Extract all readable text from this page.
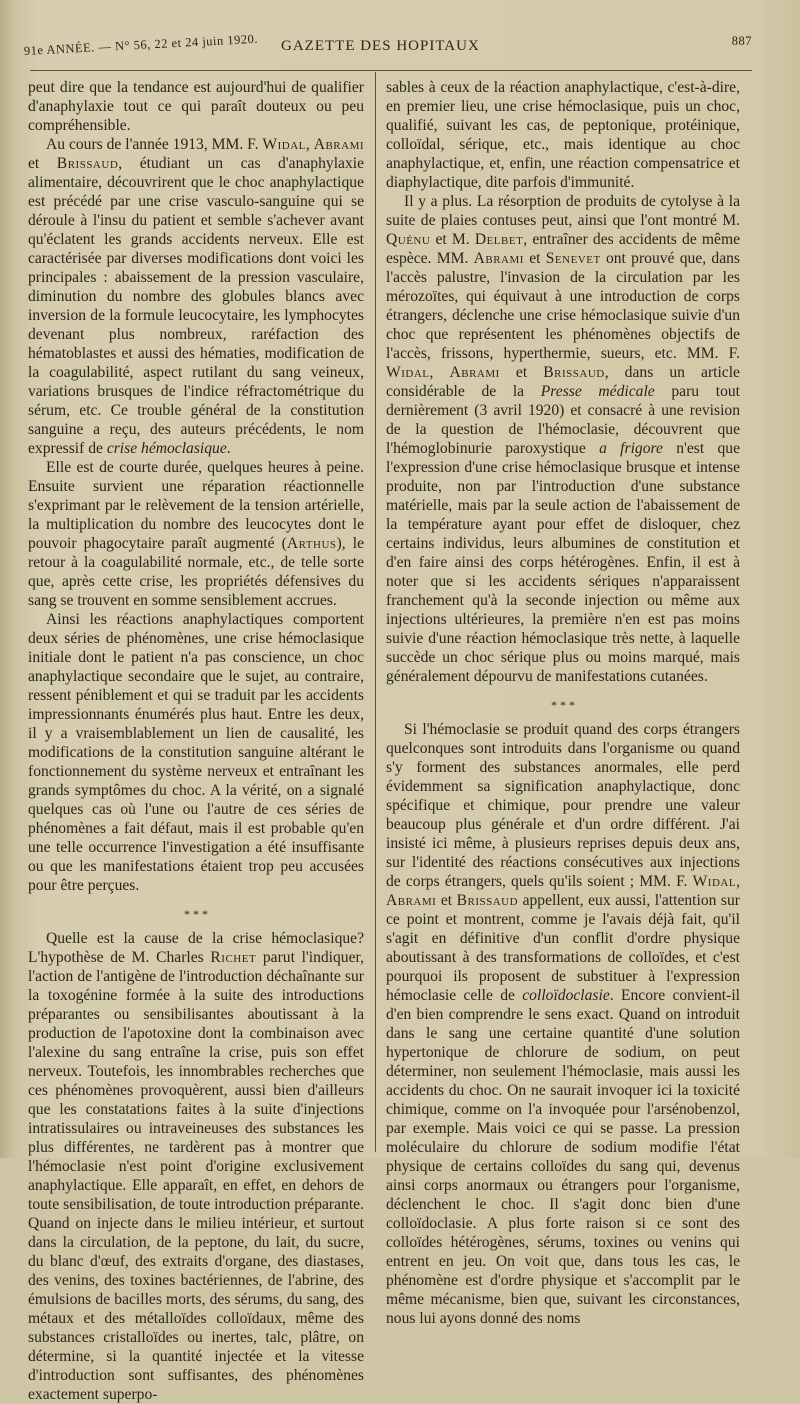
91e ANNÉE. — N° 56, 22 et 24 juin 1920. GAZETTE DES HOPITAUX	887

peut dire que la tendance est aujourd'hui de qualifier d'anaphylaxie tout ce qui paraît douteux ou peu compréhensible.

Au cours de l'année 1913, MM. F. Widal, Abrami et Brissaud, étudiant un cas d'anaphylaxie alimentaire, découvrirent que le choc anaphylactique est précédé par une crise vasculo-sanguine qui se déroule à l'insu du patient et semble s'achever avant qu'éclatent les grands accidents nerveux. Elle est caractérisée par diverses modifications dont voici les principales : abaissement de la pression vasculaire, diminution du nombre des globules blancs avec inversion de la formule leucocytaire, les lymphocytes devenant plus nombreux, raréfaction des hématoblastes et aussi des hématies, modification de la coagulabilité, aspect rutilant du sang veineux, variations brusques de l'indice réfractométrique du sérum, etc. Ce trouble général de la constitution sanguine a reçu, des auteurs précédents, le nom expressif de crise hémoclasique.

Elle est de courte durée, quelques heures à peine. Ensuite survient une réparation réactionnelle s'exprimant par le relèvement de la tension artérielle, la multiplication du nombre des leucocytes dont le pouvoir phagocytaire paraît augmenté (Arthus), le retour à la coagulabilité normale, etc., de telle sorte que, après cette crise, les propriétés défensives du sang se trouvent en somme sensiblement accrues.

Ainsi les réactions anaphylactiques comportent deux séries de phénomènes, une crise hémoclasique initiale dont le patient n'a pas conscience, un choc anaphylactique secondaire que le sujet, au contraire, ressent péniblement et qui se traduit par les accidents impressionnants énumérés plus haut. Entre les deux, il y a vraisemblablement un lien de causalité, les modifications de la constitution sanguine altérant le fonctionnement du système nerveux et entraînant les grands symptômes du choc. A la vérité, on a signalé quelques cas où l'une ou l'autre de ces séries de phénomènes a fait défaut, mais il est probable qu'en une telle occurrence l'investigation a été insuffisante ou que les manifestations étaient trop peu accusées pour être perçues.

* * *

Quelle est la cause de la crise hémoclasique? L'hypothèse de M. Charles Richet parut l'indiquer, l'action de l'antigène de l'introduction déchaînante sur la toxogénine formée à la suite des introductions préparantes ou sensibilisantes aboutissant à la production de l'apotoxine dont la combinaison avec l'alexine du sang entraîne la crise, puis son effet nerveux. Toutefois, les innombrables recherches que ces phénomènes provoquèrent, aussi bien d'ailleurs que les constatations faites à la suite d'injections intratissulaires ou intraveineuses des substances les plus différentes, ne tardèrent pas à montrer que l'hémoclasie n'est point d'origine exclusivement anaphylactique. Elle apparaît, en effet, en dehors de toute sensibilisation, de toute introduction préparante. Quand on injecte dans le milieu intérieur, et surtout dans la circulation, de la peptone, du lait, du sucre, du blanc d'œuf, des extraits d'organe, des diastases, des venins, des toxines bactériennes, de l'abrine, des émulsions de bacilles morts, des sérums, du sang, des métaux et des métalloïdes colloïdaux, même des substances cristalloïdes ou inertes, talc, plâtre, on détermine, si la quantité injectée et la vitesse d'introduction sont suffisantes, des phénomènes exactement superpo-

sables à ceux de la réaction anaphylactique, c'est-à-dire, en premier lieu, une crise hémoclasique, puis un choc, qualifié, suivant les cas, de peptonique, protéinique, colloïdal, sérique, etc., mais identique au choc anaphylactique, et, enfin, une réaction compensatrice et diaphylactique, dite parfois d'immunité.

Il y a plus. La résorption de produits de cytolyse à la suite de plaies contuses peut, ainsi que l'ont montré M. Quénu et M. Delbet, entraîner des accidents de même espèce. MM. Abrami et Senevet ont prouvé que, dans l'accès palustre, l'invasion de la circulation par les mérozoïtes, qui équivaut à une introduction de corps étrangers, déclenche une crise hémoclasique suivie d'un choc que représentent les phénomènes objectifs de l'accès, frissons, hyperthermie, sueurs, etc. MM. F. Widal, Abrami et Brissaud, dans un article considérable de la Presse médicale paru tout dernièrement (3 avril 1920) et consacré à une revision de la question de l'hémoclasie, découvrent que l'hémoglobinurie paroxystique a frigore n'est que l'expression d'une crise hémoclasique brusque et intense produite, non par l'introduction d'une substance matérielle, mais par la seule action de l'abaissement de la température ayant pour effet de disloquer, chez certains individus, leurs albumines de constitution et d'en faire ainsi des corps hétérogènes. Enfin, il est à noter que si les accidents sériques n'apparaissent franchement qu'à la seconde injection ou même aux injections ultérieures, la première n'en est pas moins suivie d'une réaction hémoclasique très nette, à laquelle succède un choc sérique plus ou moins marqué, mais généralement dépourvu de manifestations cutanées.

* * *

Si l'hémoclasie se produit quand des corps étrangers quelconques sont introduits dans l'organisme ou quand s'y forment des substances anormales, elle perd évidemment sa signification anaphylactique, donc spécifique et chimique, pour prendre une valeur beaucoup plus générale et d'un ordre différent. J'ai insisté ici même, à plusieurs reprises depuis deux ans, sur l'identité des réactions consécutives aux injections de corps étrangers, quels qu'ils soient ; MM. F. Widal, Abrami et Brissaud appellent, eux aussi, l'attention sur ce point et montrent, comme je l'avais déjà fait, qu'il s'agit en définitive d'un conflit d'ordre physique aboutissant à des transformations de colloïdes, et c'est pourquoi ils proposent de substituer à l'expression hémoclasie celle de colloïdoclasie. Encore convient-il d'en bien comprendre le sens exact. Quand on introduit dans le sang une certaine quantité d'une solution hypertonique de chlorure de sodium, on peut déterminer, non seulement l'hémoclasie, mais aussi les accidents du choc. On ne saurait invoquer ici la toxicité chimique, comme on l'a invoquée pour l'arsénobenzol, par exemple. Mais voici ce qui se passe. La pression moléculaire du chlorure de sodium modifie l'état physique de certains colloïdes du sang qui, devenus ainsi corps anormaux ou étrangers pour l'organisme, déclenchent le choc. Il s'agit donc bien d'une colloïdoclasie. A plus forte raison si ce sont des colloïdes hétérogènes, sérums, toxines ou venins qui entrent en jeu. On voit que, dans tous les cas, le phénomène est d'ordre physique et s'accomplit par le même mécanisme, bien que, suivant les circonstances, nous lui ayons donné des noms
